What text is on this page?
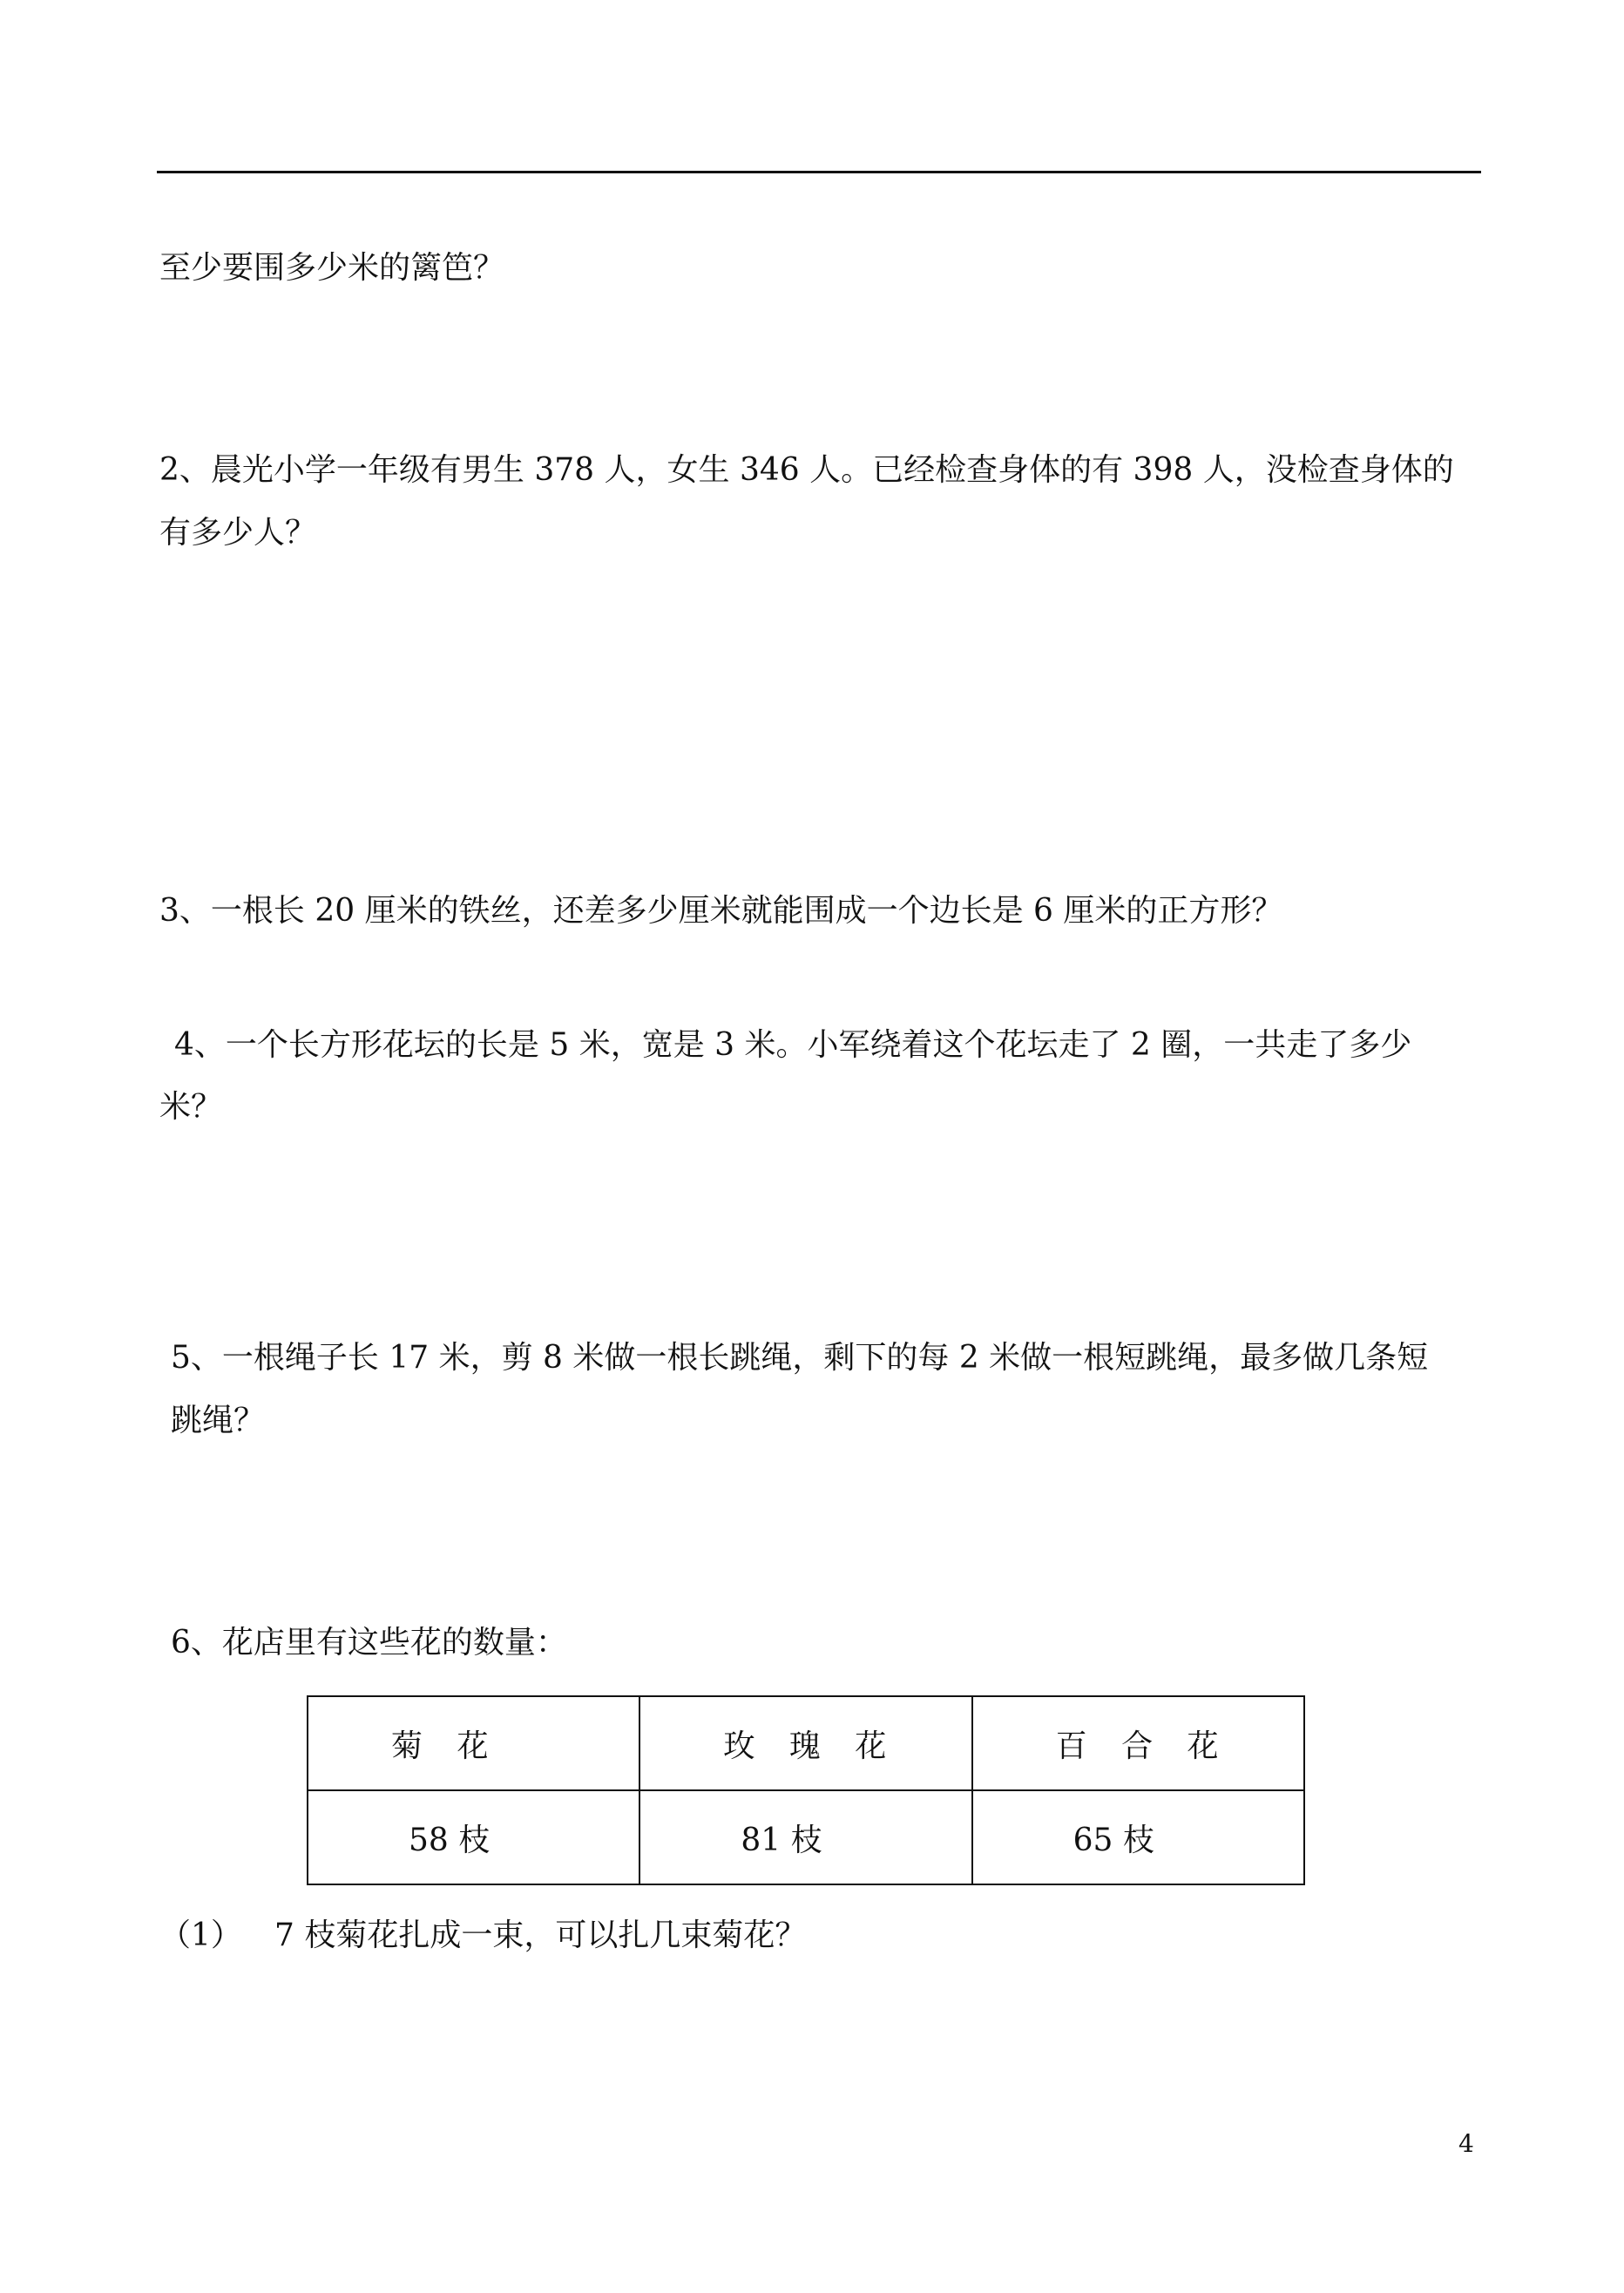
至少要围多少米的篱笆？
2、晨光小学一年级有男生 378 人，女生 346 人。已经检查身体的有 398 人，没检查身体的
有多少人？
3、一根长 20 厘米的铁丝，还差多少厘米就能围成一个边长是 6 厘米的正方形？
4、一个长方形花坛的长是 5 米，宽是 3 米。小军绕着这个花坛走了 2 圈，一共走了多少
米？
5、一根绳子长 17 米，剪 8 米做一根长跳绳，剩下的每 2 米做一根短跳绳，最多做几条短
跳绳？
6、花店里有这些花的数量：
菊 花	玫 瑰 花	百 合 花
58 枝	81 枝	65 枝
（1） 7 枝菊花扎成一束，可以扎几束菊花？
4
